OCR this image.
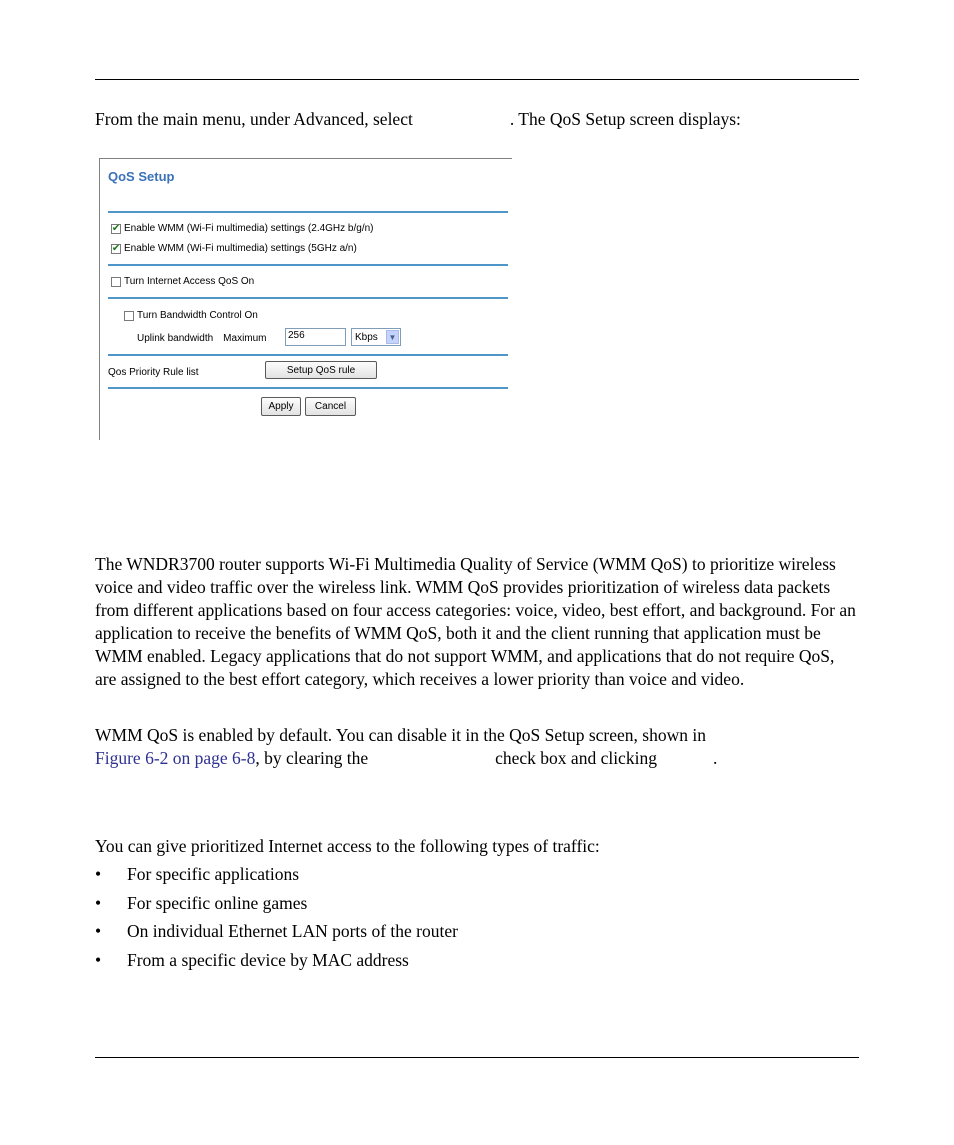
From the main menu, under Advanced, select	. The QoS Setup screen displays:
QoS Setup
✔ Enable WMM (Wi-Fi multimedia) settings (2.4GHz b/g/n)
✔ Enable WMM (Wi-Fi multimedia) settings (5GHz a/n)
Turn Internet Access QoS On
Turn Bandwidth Control On
Uplink bandwidth Maximum	256	Kbps	▼
Qos Priority Rule list	Setup QoS rule
Apply	Cancel

The WNDR3700 router supports Wi-Fi Multimedia Quality of Service (WMM QoS) to prioritize wireless voice and video traffic over the wireless link. WMM QoS provides prioritization of wireless data packets from different applications based on four access categories: voice, video, best effort, and background. For an application to receive the benefits of WMM QoS, both it and the client running that application must be WMM enabled. Legacy applications that do not support WMM, and applications that do not require QoS, are assigned to the best effort category, which receives a lower priority than voice and video.

WMM QoS is enabled by default. You can disable it in the QoS Setup screen, shown in
Figure 6-2 on page 6-8, by clearing the	check box and clicking	.
You can give prioritized Internet access to the following types of traffic:
• For specific applications
• For specific online games
• On individual Ethernet LAN ports of the router
• From a specific device by MAC address
